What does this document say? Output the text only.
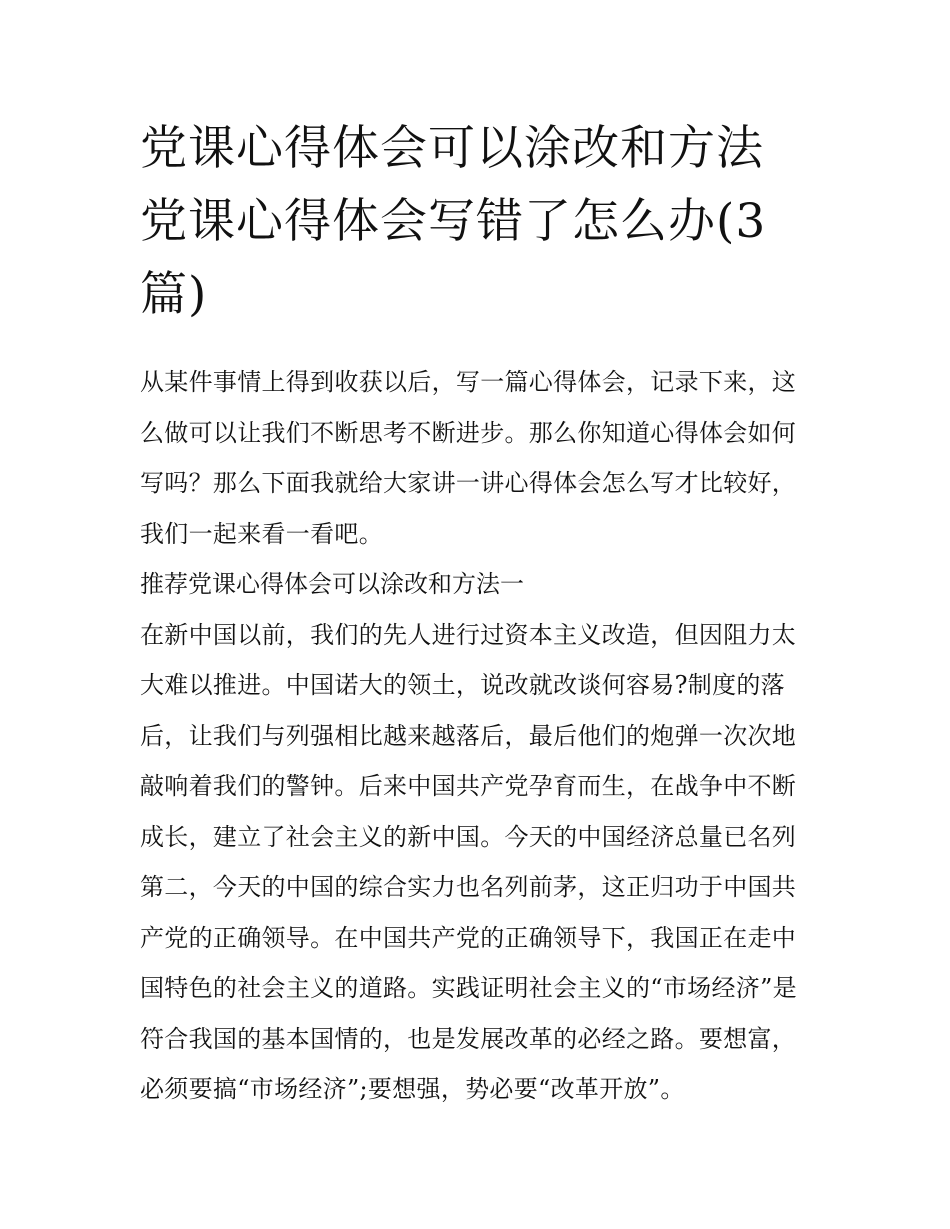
党课心得体会可以涂改和方法
党课心得体会写错了怎么办(3
篇)

从某件事情上得到收获以后，写一篇心得体会，记录下来，这
么做可以让我们不断思考不断进步。那么你知道心得体会如何
写吗？那么下面我就给大家讲一讲心得体会怎么写才比较好，
我们一起来看一看吧。

推荐党课心得体会可以涂改和方法一

在新中国以前，我们的先人进行过资本主义改造，但因阻力太
大难以推进。中国诺大的领土，说改就改谈何容易?制度的落
后，让我们与列强相比越来越落后，最后他们的炮弹一次次地
敲响着我们的警钟。后来中国共产党孕育而生，在战争中不断
成长，建立了社会主义的新中国。今天的中国经济总量已名列
第二，今天的中国的综合实力也名列前茅，这正归功于中国共
产党的正确领导。在中国共产党的正确领导下，我国正在走中
国特色的社会主义的道路。实践证明社会主义的“市场经济”是
符合我国的基本国情的，也是发展改革的必经之路。要想富，
必须要搞“市场经济”;要想强，势必要“改革开放”。
